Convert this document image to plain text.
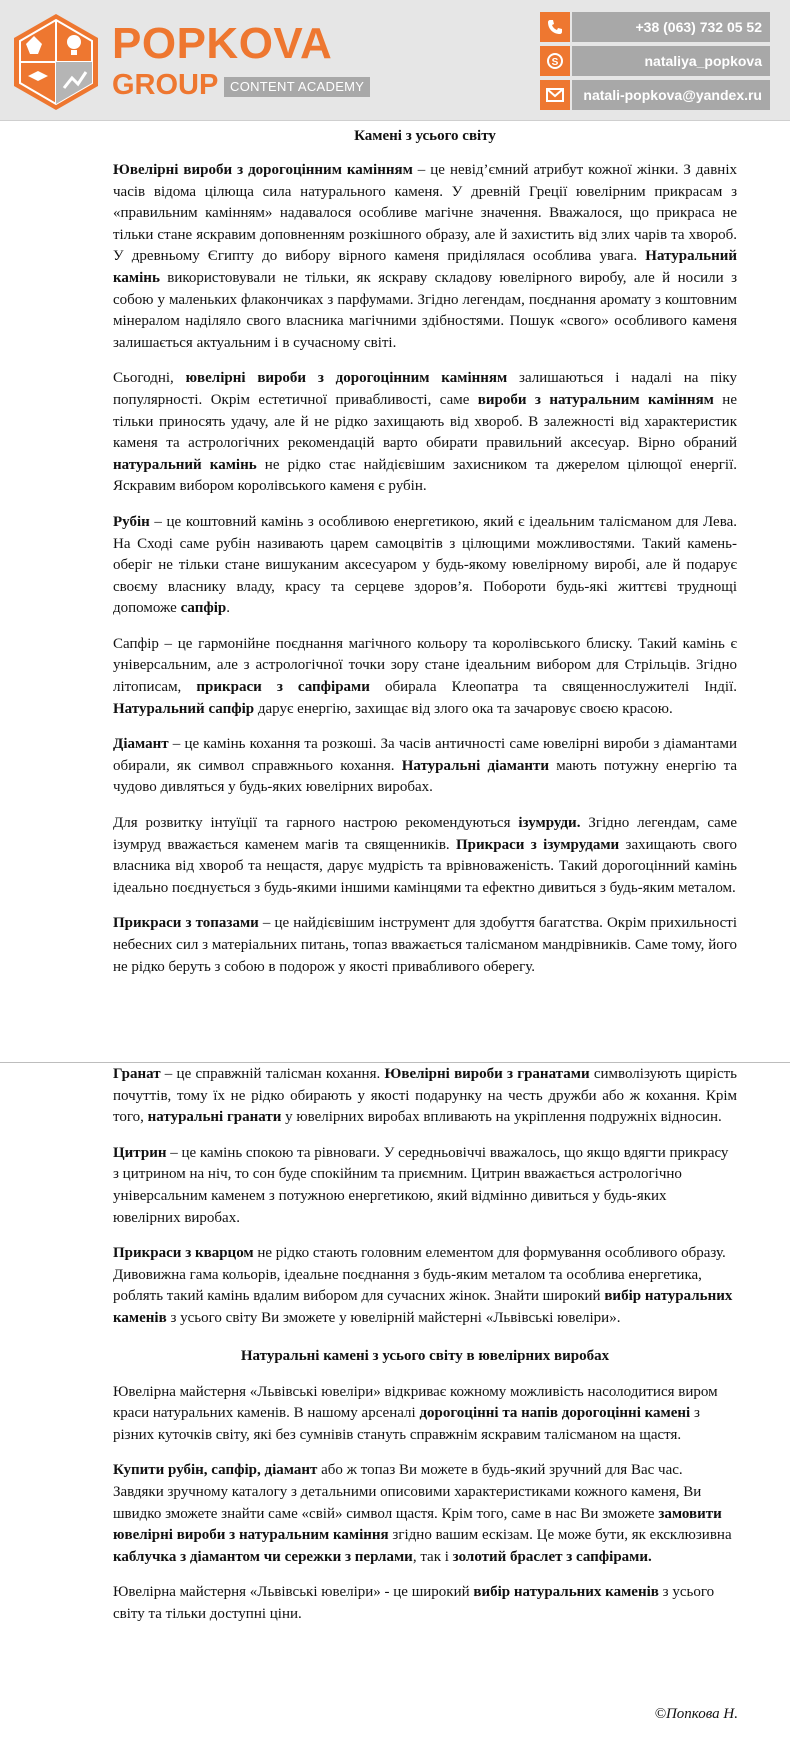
POPKOVA
GROUP CONTENT ACADEMY
+38 (063) 732 05 52
S	nataliya_popkova
natali-popkova@yandex.ru
Камені з усього світу

Ювелірні вироби з дорогоцінним камінням – це невід’ємний атрибут кожної жінки. З давніх часів відома цілюща сила натурального каменя. У древній Греції ювелірним прикрасам з «правильним камінням» надавалося особливе магічне значення. Вважалося, що прикраса не тільки стане яскравим доповненням розкішного образу, але й захистить від злих чарів та хвороб. У древньому Єгипту до вибору вірного каменя приділялася особлива увага. Натуральний камінь використовували не тільки, як яскраву складову ювелірного виробу, але й носили з собою у маленьких флакончиках з парфумами. Згідно легендам, поєднання аромату з коштовним мінералом наділяло свого власника магічними здібностями. Пошук «свого» особливого каменя залишається актуальним і в сучасному світі.

Сьогодні, ювелірні вироби з дорогоцінним камінням залишаються і надалі на піку популярності. Окрім естетичної привабливості, саме вироби з натуральним камінням не тільки приносять удачу, але й не рідко захищають від хвороб. В залежності від характеристик каменя та астрологічних рекомендацій варто обирати правильний аксесуар. Вірно обраний натуральний камінь не рідко стає найдієвішим захисником та джерелом цілющої енергії. Яскравим вибором королівського каменя є рубін.

Рубін – це коштовний камінь з особливою енергетикою, який є ідеальним талісманом для Лева. На Сході саме рубін називають царем самоцвітів з цілющими можливостями. Такий камень-оберіг не тільки стане вишуканим аксесуаром у будь-якому ювелірному виробі, але й подарує своєму власнику владу, красу та серцеве здоров’я. Побороти будь-які життєві труднощі допоможе сапфір.

Сапфір – це гармонійне поєднання магічного кольору та королівського блиску. Такий камінь є універсальним, але з астрологічної точки зору стане ідеальним вибором для Стрільців. Згідно літописам, прикраси з сапфірами обирала Клеопатра та священнослужителі Індії. Натуральний сапфір дарує енергію, захищає від злого ока та зачаровує своєю красою.

Діамант – це камінь кохання та розкоші. За часів античності саме ювелірні вироби з діамантами обирали, як символ справжнього кохання. Натуральні діаманти мають потужну енергію та чудово дивляться у будь-яких ювелірних виробах.

Для розвитку інтуїції та гарного настрою рекомендуються ізумруди. Згідно легендам, саме ізумруд вважається каменем магів та священників. Прикраси з ізумрудами захищають свого власника від хвороб та нещастя, дарує мудрість та врівноваженість. Такий дорогоцінний камінь ідеально поєднується з будь-якими іншими камінцями та ефектно дивиться з будь-яким металом.

Прикраси з топазами – це найдієвішим інструмент для здобуття багатства. Окрім прихильності небесних сил з матеріальних питань, топаз вважається талісманом мандрівників. Саме тому, його не рідко беруть з собою в подорож у якості привабливого оберегу.

Гранат – це справжній талісман кохання. Ювелірні вироби з гранатами символізують щирість почуттів, тому їх не рідко обирають у якості подарунку на честь дружби або ж кохання. Крім того, натуральні гранати у ювелірних виробах впливають на укріплення подружніх відносин.

Цитрин – це камінь спокою та рівноваги. У середньовіччі вважалось, що якщо вдягти прикрасу з цитрином на ніч, то сон буде спокійним та приємним. Цитрин вважається астрологічно універсальним каменем з потужною енергетикою, який відмінно дивиться у будь-яких ювелірних виробах.

Прикраси з кварцом не рідко стають головним елементом для формування особливого образу. Дивовижна гама кольорів, ідеальне поєднання з будь-яким металом та особлива енергетика, роблять такий камінь вдалим вибором для сучасних жінок. Знайти широкий вибір натуральних каменів з усього світу Ви зможете у ювелірній майстерні «Львівські ювеліри».

Натуральні камені з усього світу в ювелірних виробах

Ювелірна майстерня «Львівські ювеліри» відкриває кожному можливість насолодитися виром краси натуральних каменів. В нашому арсеналі дорогоцінні та напів дорогоцінні камені з різних куточків світу, які без сумнівів стануть справжнім яскравим талісманом на щастя.

Купити рубін, сапфір, діамант або ж топаз Ви можете в будь-який зручний для Вас час. Завдяки зручному каталогу з детальними описовими характеристиками кожного каменя, Ви швидко зможете знайти саме «свій» символ щастя. Крім того, саме в нас Ви зможете замовити ювелірні вироби з натуральним каміння згідно вашим ескізам. Це може бути, як ексклюзивна каблучка з діамантом чи сережки з перлами, так і золотий браслет з сапфірами.

Ювелірна майстерня «Львівські ювеліри» - це широкий вибір натуральних каменів з усього світу та тільки доступні ціни.

©Попкова Н.
